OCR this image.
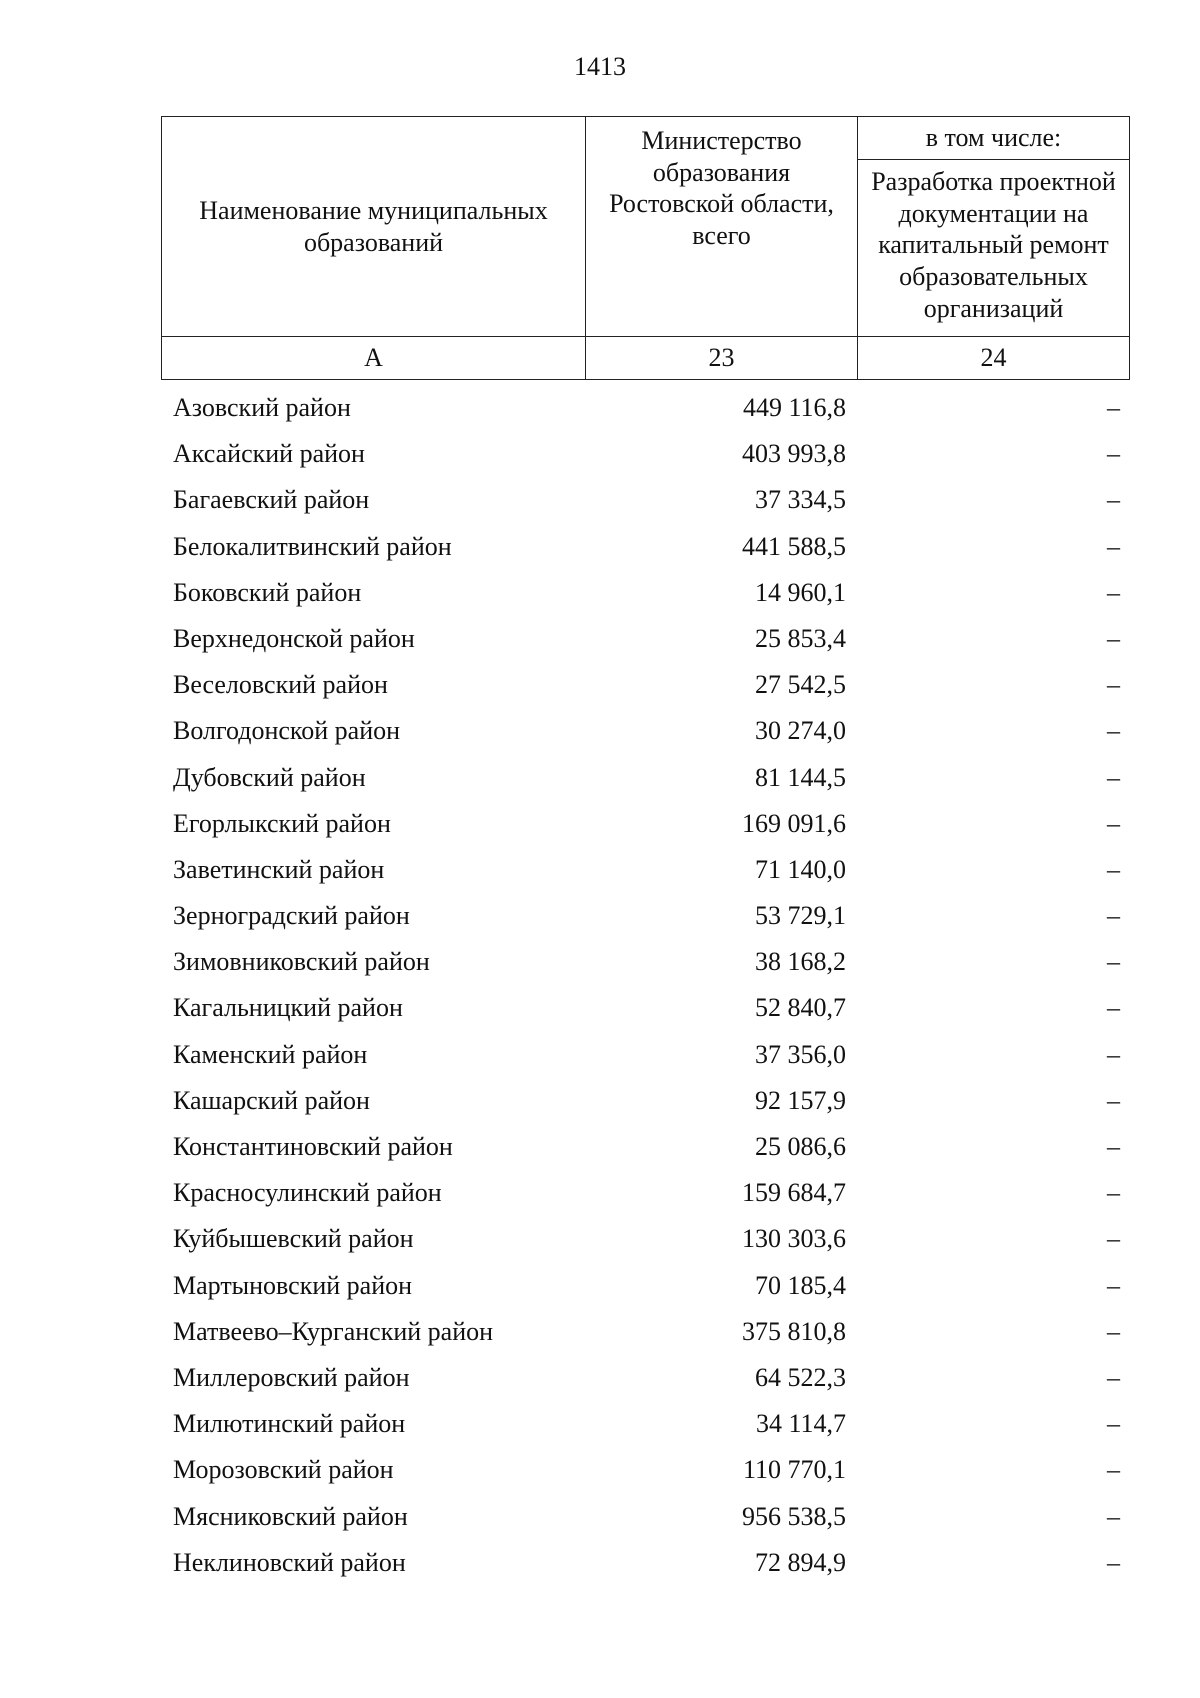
1413
Наименование муниципальных образований	Министерство образования Ростовской области, всего	в том числе:
		Разработка проектной документации на капитальный ремонт образовательных организаций
А	23	24
Азовский район	449 116,8	–
Аксайский район	403 993,8	–
Багаевский район	37 334,5	–
Белокалитвинский район	441 588,5	–
Боковский район	14 960,1	–
Верхнедонской район	25 853,4	–
Веселовский район	27 542,5	–
Волгодонской район	30 274,0	–
Дубовский район	81 144,5	–
Егорлыкский район	169 091,6	–
Заветинский район	71 140,0	–
Зерноградский район	53 729,1	–
Зимовниковский район	38 168,2	–
Кагальницкий район	52 840,7	–
Каменский район	37 356,0	–
Кашарский район	92 157,9	–
Константиновский район	25 086,6	–
Красносулинский район	159 684,7	–
Куйбышевский район	130 303,6	–
Мартыновский район	70 185,4	–
Матвеево–Курганский район	375 810,8	–
Миллеровский район	64 522,3	–
Милютинский район	34 114,7	–
Морозовский район	110 770,1	–
Мясниковский район	956 538,5	–
Неклиновский район	72 894,9	–
